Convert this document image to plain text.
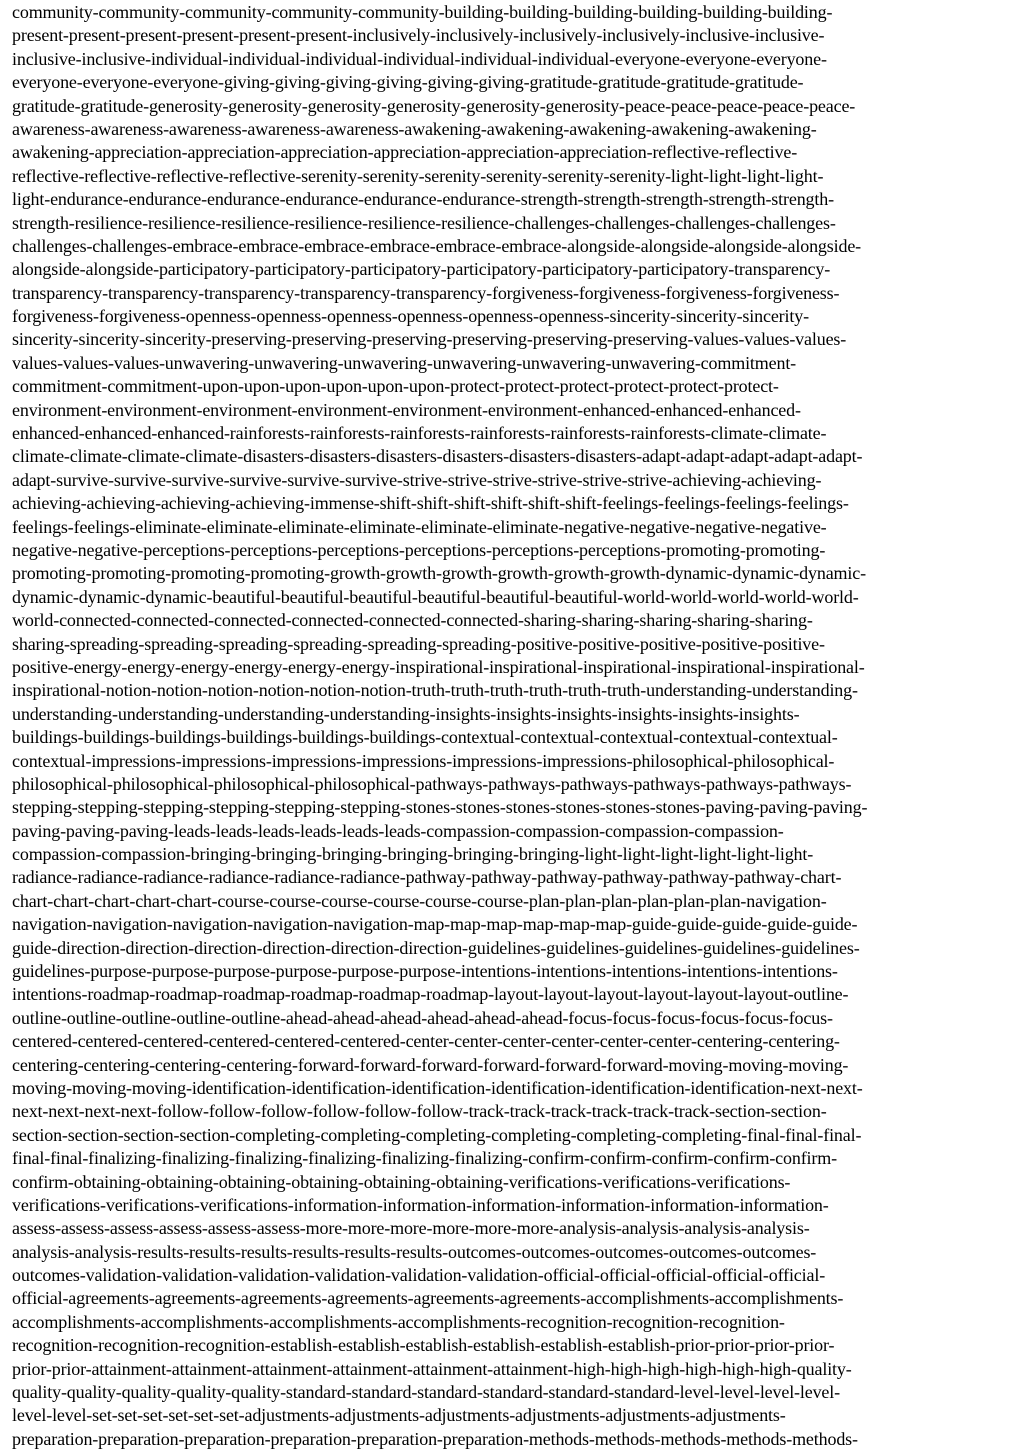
community-community-community-community-community-building-building-building-building-building-building-
present-present-present-present-present-present-inclusively-inclusively-inclusively-inclusively-inclusive-inclusive-
inclusive-inclusive-individual-individual-individual-individual-individual-individual-everyone-everyone-everyone-
everyone-everyone-everyone-giving-giving-giving-giving-giving-giving-gratitude-gratitude-gratitude-gratitude-
gratitude-gratitude-generosity-generosity-generosity-generosity-generosity-generosity-peace-peace-peace-peace-peace-
awareness-awareness-awareness-awareness-awareness-awakening-awakening-awakening-awakening-awakening-
awakening-appreciation-appreciation-appreciation-appreciation-appreciation-appreciation-reflective-reflective-
reflective-reflective-reflective-reflective-serenity-serenity-serenity-serenity-serenity-serenity-light-light-light-light-
light-endurance-endurance-endurance-endurance-endurance-endurance-strength-strength-strength-strength-strength-
strength-resilience-resilience-resilience-resilience-resilience-resilience-challenges-challenges-challenges-challenges-
challenges-challenges-embrace-embrace-embrace-embrace-embrace-embrace-alongside-alongside-alongside-alongside-
alongside-alongside-participatory-participatory-participatory-participatory-participatory-participatory-transparency-
transparency-transparency-transparency-transparency-transparency-forgiveness-forgiveness-forgiveness-forgiveness-
forgiveness-forgiveness-openness-openness-openness-openness-openness-openness-sincerity-sincerity-sincerity-
sincerity-sincerity-sincerity-preserving-preserving-preserving-preserving-preserving-preserving-values-values-values-
values-values-values-unwavering-unwavering-unwavering-unwavering-unwavering-unwavering-commitment-
commitment-commitment-upon-upon-upon-upon-upon-upon-protect-protect-protect-protect-protect-protect-
environment-environment-environment-environment-environment-environment-enhanced-enhanced-enhanced-
enhanced-enhanced-enhanced-rainforests-rainforests-rainforests-rainforests-rainforests-rainforests-climate-climate-
climate-climate-climate-climate-disasters-disasters-disasters-disasters-disasters-disasters-adapt-adapt-adapt-adapt-adapt-
adapt-survive-survive-survive-survive-survive-survive-strive-strive-strive-strive-strive-strive-achieving-achieving-
achieving-achieving-achieving-achieving-immense-shift-shift-shift-shift-shift-shift-feelings-feelings-feelings-feelings-
feelings-feelings-eliminate-eliminate-eliminate-eliminate-eliminate-eliminate-negative-negative-negative-negative-
negative-negative-perceptions-perceptions-perceptions-perceptions-perceptions-perceptions-promoting-promoting-
promoting-promoting-promoting-promoting-growth-growth-growth-growth-growth-growth-dynamic-dynamic-dynamic-
dynamic-dynamic-dynamic-beautiful-beautiful-beautiful-beautiful-beautiful-beautiful-world-world-world-world-world-
world-connected-connected-connected-connected-connected-connected-sharing-sharing-sharing-sharing-sharing-
sharing-spreading-spreading-spreading-spreading-spreading-spreading-positive-positive-positive-positive-positive-
positive-energy-energy-energy-energy-energy-energy-inspirational-inspirational-inspirational-inspirational-inspirational-
inspirational-notion-notion-notion-notion-notion-notion-truth-truth-truth-truth-truth-truth-understanding-understanding-
understanding-understanding-understanding-understanding-insights-insights-insights-insights-insights-insights-
buildings-buildings-buildings-buildings-buildings-buildings-contextual-contextual-contextual-contextual-contextual-
contextual-impressions-impressions-impressions-impressions-impressions-impressions-philosophical-philosophical-
philosophical-philosophical-philosophical-philosophical-pathways-pathways-pathways-pathways-pathways-pathways-
stepping-stepping-stepping-stepping-stepping-stepping-stones-stones-stones-stones-stones-stones-paving-paving-paving-
paving-paving-paving-leads-leads-leads-leads-leads-leads-compassion-compassion-compassion-compassion-
compassion-compassion-bringing-bringing-bringing-bringing-bringing-bringing-light-light-light-light-light-light-
radiance-radiance-radiance-radiance-radiance-radiance-pathway-pathway-pathway-pathway-pathway-pathway-chart-
chart-chart-chart-chart-chart-course-course-course-course-course-course-plan-plan-plan-plan-plan-plan-navigation-
navigation-navigation-navigation-navigation-navigation-map-map-map-map-map-map-guide-guide-guide-guide-guide-
guide-direction-direction-direction-direction-direction-direction-guidelines-guidelines-guidelines-guidelines-guidelines-
guidelines-purpose-purpose-purpose-purpose-purpose-purpose-intentions-intentions-intentions-intentions-intentions-
intentions-roadmap-roadmap-roadmap-roadmap-roadmap-roadmap-layout-layout-layout-layout-layout-layout-outline-
outline-outline-outline-outline-outline-ahead-ahead-ahead-ahead-ahead-ahead-focus-focus-focus-focus-focus-focus-
centered-centered-centered-centered-centered-centered-center-center-center-center-center-center-centering-centering-
centering-centering-centering-centering-forward-forward-forward-forward-forward-forward-moving-moving-moving-
moving-moving-moving-identification-identification-identification-identification-identification-identification-next-next-
next-next-next-next-follow-follow-follow-follow-follow-follow-track-track-track-track-track-track-section-section-
section-section-section-section-completing-completing-completing-completing-completing-completing-final-final-final-
final-final-finalizing-finalizing-finalizing-finalizing-finalizing-finalizing-confirm-confirm-confirm-confirm-confirm-
confirm-obtaining-obtaining-obtaining-obtaining-obtaining-obtaining-verifications-verifications-verifications-
verifications-verifications-verifications-information-information-information-information-information-information-
assess-assess-assess-assess-assess-assess-more-more-more-more-more-more-analysis-analysis-analysis-analysis-
analysis-analysis-results-results-results-results-results-results-outcomes-outcomes-outcomes-outcomes-outcomes-
outcomes-validation-validation-validation-validation-validation-validation-official-official-official-official-official-
official-agreements-agreements-agreements-agreements-agreements-agreements-accomplishments-accomplishments-
accomplishments-accomplishments-accomplishments-accomplishments-recognition-recognition-recognition-
recognition-recognition-recognition-establish-establish-establish-establish-establish-establish-prior-prior-prior-prior-
prior-prior-attainment-attainment-attainment-attainment-attainment-attainment-high-high-high-high-high-high-quality-
quality-quality-quality-quality-quality-standard-standard-standard-standard-standard-standard-level-level-level-level-
level-level-set-set-set-set-set-set-adjustments-adjustments-adjustments-adjustments-adjustments-adjustments-
preparation-preparation-preparation-preparation-preparation-preparation-methods-methods-methods-methods-methods-
